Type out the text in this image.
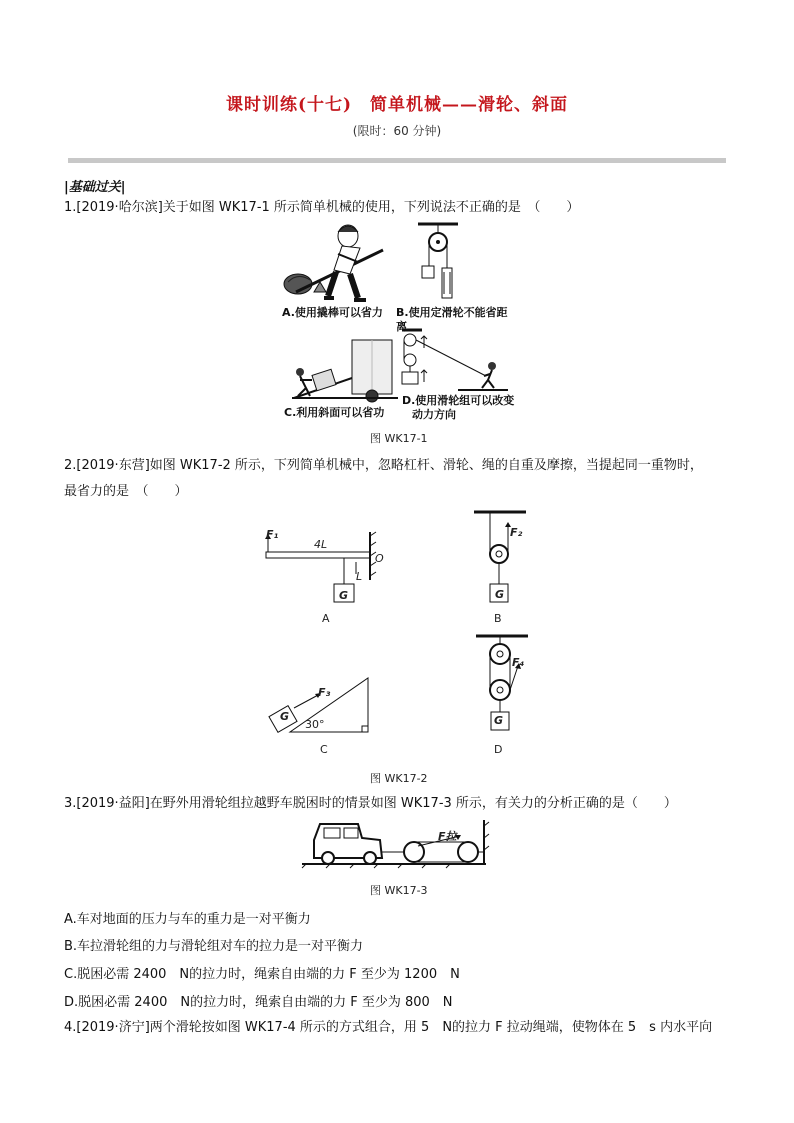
课时训练(十七)　简单机械——滑轮、斜面
(限时：60 分钟)
|基础过关|
1.[2019·哈尔滨]关于如图 WK17-1 所示简单机械的使用，下列说法不正确的是　（　　）
A.使用撬棒可以省力 B.使用定滑轮不能省距离
C.利用斜面可以省功
D.使用滑轮组可以改变
动力方向
图 WK17-1
2.[2019·东营]如图 WK17-2 所示，下列简单机械中，忽略杠杆、滑轮、绳的自重及摩擦，当提起同一重物时，
最省力的是　（　　）
F₁
4L
O
L
G
A
F₂
G
B
F₃
G
30°
C
F₄
G
D
图 WK17-2
3.[2019·益阳]在野外用滑轮组拉越野车脱困时的情景如图 WK17-3 所示，有关力的分析正确的是（　　）
F拉
图 WK17-3
A.车对地面的压力与车的重力是一对平衡力
B.车拉滑轮组的力与滑轮组对车的拉力是一对平衡力
C.脱困必需 2400　N的拉力时，绳索自由端的力 F 至少为 1200　N
D.脱困必需 2400　N的拉力时，绳索自由端的力 F 至少为 800　N
4.[2019·济宁]两个滑轮按如图 WK17-4 所示的方式组合，用 5　N的拉力 F 拉动绳端，使物体在 5　s 内水平向
